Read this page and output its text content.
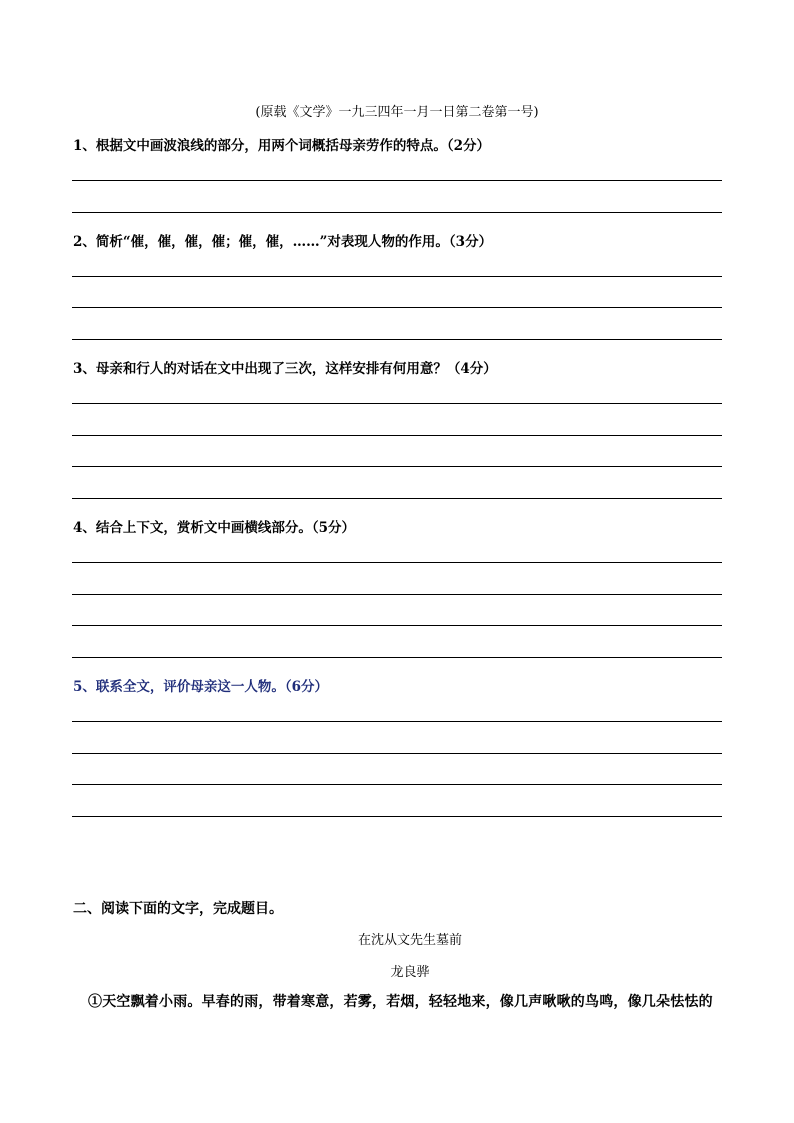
(原载《文学》一九三四年一月一日第二卷第一号)
1、根据文中画波浪线的部分，用两个词概括母亲劳作的特点。（2分）
2、简析“催，催，催，催；催，催，……”对表现人物的作用。（3分）
3、母亲和行人的对话在文中出现了三次，这样安排有何用意？（4分）
4、结合上下文，赏析文中画横线部分。（5分）
5、联系全文，评价母亲这一人物。（6分）
二、阅读下面的文字，完成题目。
在沈从文先生墓前
龙良骅
①天空飘着小雨。早春的雨，带着寒意，若雾，若烟，轻轻地来，像几声啾啾的鸟鸣，像几朵怯怯的
